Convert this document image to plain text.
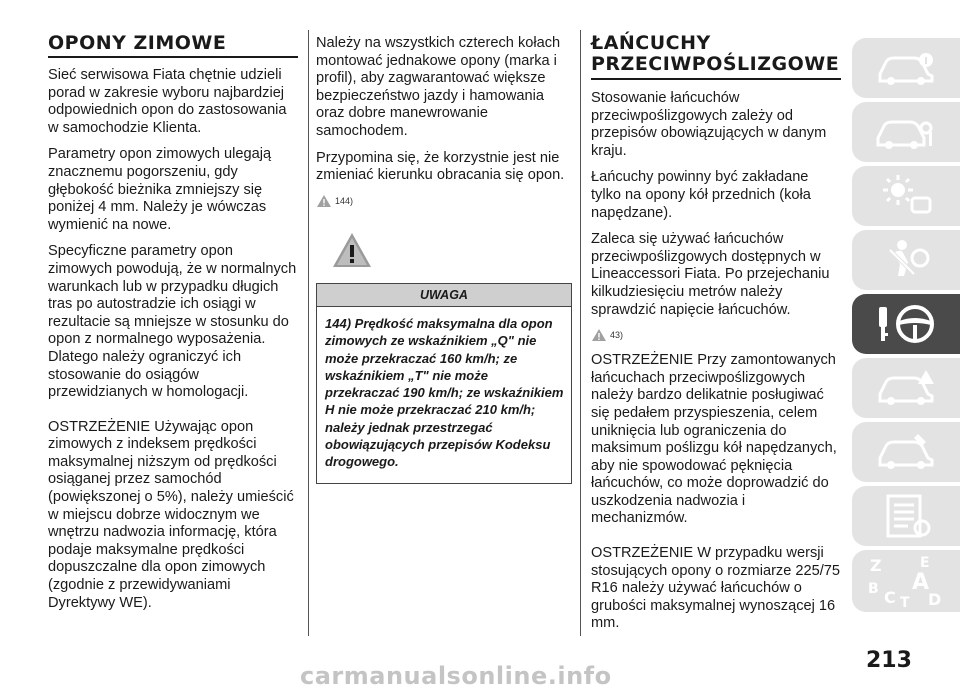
OPONY ZIMOWE

Sieć serwisowa Fiata chętnie udzieli porad w zakresie wyboru najbardziej odpowiednich opon do zastosowania w samochodzie Klienta.

Parametry opon zimowych ulegają znacznemu pogorszeniu, gdy głębokość bieżnika zmniejszy się poniżej 4 mm. Należy je wówczas wymienić na nowe.

Specyficzne parametry opon zimowych powodują, że w normalnych warunkach lub w przypadku długich tras po autostradzie ich osiągi w rezultacie są mniejsze w stosunku do opon z normalnego wyposażenia. Dlatego należy ograniczyć ich stosowanie do osiągów przewidzianych w homologacji.

OSTRZEŻENIE Używając opon zimowych z indeksem prędkości maksymalnej niższym od prędkości osiąganej przez samochód (powiększonej o 5%), należy umieścić w miejscu dobrze widocznym we wnętrzu nadwozia informację, która podaje maksymalne prędkości dopuszczalne dla opon zimowych (zgodnie z przewidywaniami Dyrektywy WE).

Należy na wszystkich czterech kołach montować jednakowe opony (marka i profil), aby zagwarantować większe bezpieczeństwo jazdy i hamowania oraz dobre manewrowanie samochodem.

Przypomina się, że korzystnie jest nie zmieniać kierunku obracania się opon.

144)
UWAGA
144) Prędkość maksymalna dla opon zimowych ze wskaźnikiem „Q" nie może przekraczać 160 km/h; ze wskaźnikiem „T" nie może przekraczać 190 km/h; ze wskaźnikiem H nie może przekraczać 210 km/h; należy jednak przestrzegać obowiązujących przepisów Kodeksu drogowego.
ŁAŃCUCHY
PRZECIWPOŚLIZGOWE

Stosowanie łańcuchów przeciwpoślizgowych zależy od przepisów obowiązujących w danym kraju.

Łańcuchy powinny być zakładane tylko na opony kół przednich (koła napędzane).

Zaleca się używać łańcuchów przeciwpoślizgowych dostępnych w Lineaccessori Fiata. Po przejechaniu kilkudziesięciu metrów należy sprawdzić napięcie łańcuchów.

43)

OSTRZEŻENIE Przy zamontowanych łańcuchach przeciwpoślizgowych należy bardzo delikatnie posługiwać się pedałem przyspieszenia, celem uniknięcia lub ograniczenia do maksimum poślizgu kół napędzanych, aby nie spowodować pęknięcia łańcuchów, co może doprowadzić do uszkodzenia nadwozia i mechanizmów.

OSTRZEŻENIE W przypadku wersji stosujących opony o rozmiarze 225/75 R16 należy używać łańcuchów o grubości maksymalnej wynoszącej 16 mm.

Z	E
B A
C T D
213
carmanualsonline.info
